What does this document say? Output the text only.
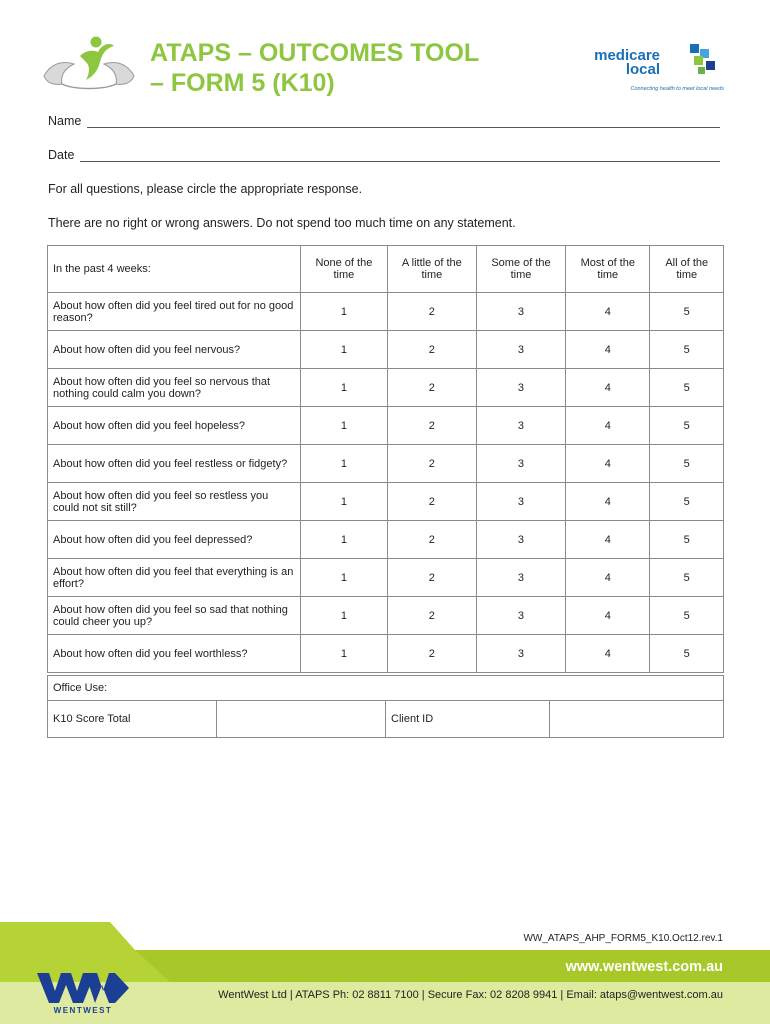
ATAPS – OUTCOMES TOOL
– FORM 5 (K10)
medicare
local
Connecting health to meet local needs
Name
Date
For all questions, please circle the appropriate response.
There are no right or wrong answers. Do not spend too much time on any statement.
In the past 4 weeks:	None of the time	A little of the time	Some of the time	Most of the time	All of the time
About how often did you feel tired out for no good reason?	1	2	3	4	5
About how often did you feel nervous?	1	2	3	4	5
About how often did you feel so nervous that nothing could calm you down?	1	2	3	4	5
About how often did you feel hopeless?	1	2	3	4	5
About how often did you feel restless or fidgety?	1	2	3	4	5
About how often did you feel so restless you could not sit still?	1	2	3	4	5
About how often did you feel depressed?	1	2	3	4	5
About how often did you feel that everything is an effort?	1	2	3	4	5
About how often did you feel so sad that nothing could cheer you up?	1	2	3	4	5
About how often did you feel worthless?	1	2	3	4	5
Office Use:
K10 Score Total		Client ID	
WW_ATAPS_AHP_FORM5_K10.Oct12.rev.1
www.wentwest.com.au
WentWest Ltd | ATAPS Ph: 02 8811 7100 | Secure Fax: 02 8208 9941 | Email: ataps@wentwest.com.au
WENTWEST
